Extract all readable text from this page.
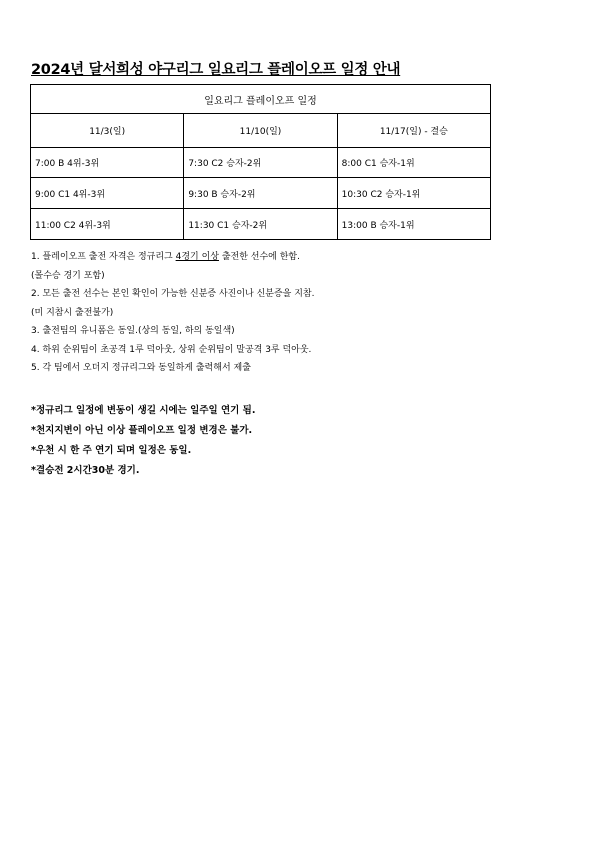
2024년 달서희성 야구리그 일요리그 플레이오프 일정 안내
일요리그 플레이오프 일정		
11/3(일)	11/10(일)	11/17(일) - 결승
7:00 B 4위-3위	7:30 C2 승자-2위	8:00 C1 승자-1위
9:00 C1 4위-3위	9:30 B 승자-2위	10:30 C2 승자-1위
11:00 C2 4위-3위	11:30 C1 승자-2위	13:00 B 승자-1위
1. 플레이오프 출전 자격은 정규리그 4경기 이상 출전한 선수에 한함.
(몰수승 경기 포함)
2. 모든 출전 선수는 본인 확인이 가능한 신분증 사진이나 신분증을 지참.
(미 지참시 출전불가)
3. 출전팀의 유니폼은 동일.(상의 동일, 하의 동일색)
4. 하위 순위팀이 초공격 1루 덕아웃, 상위 순위팀이 말공격 3루 덕아웃.
5. 각 팀에서 오더지 정규리그와 동일하게 출력해서 제출
*정규리그 일정에 변동이 생길 시에는 일주일 연기 됨.
*천지지변이 아닌 이상 플레이오프 일정 변경은 불가.
*우천 시 한 주 연기 되며 일정은 동일.
*결승전 2시간30분 경기.
